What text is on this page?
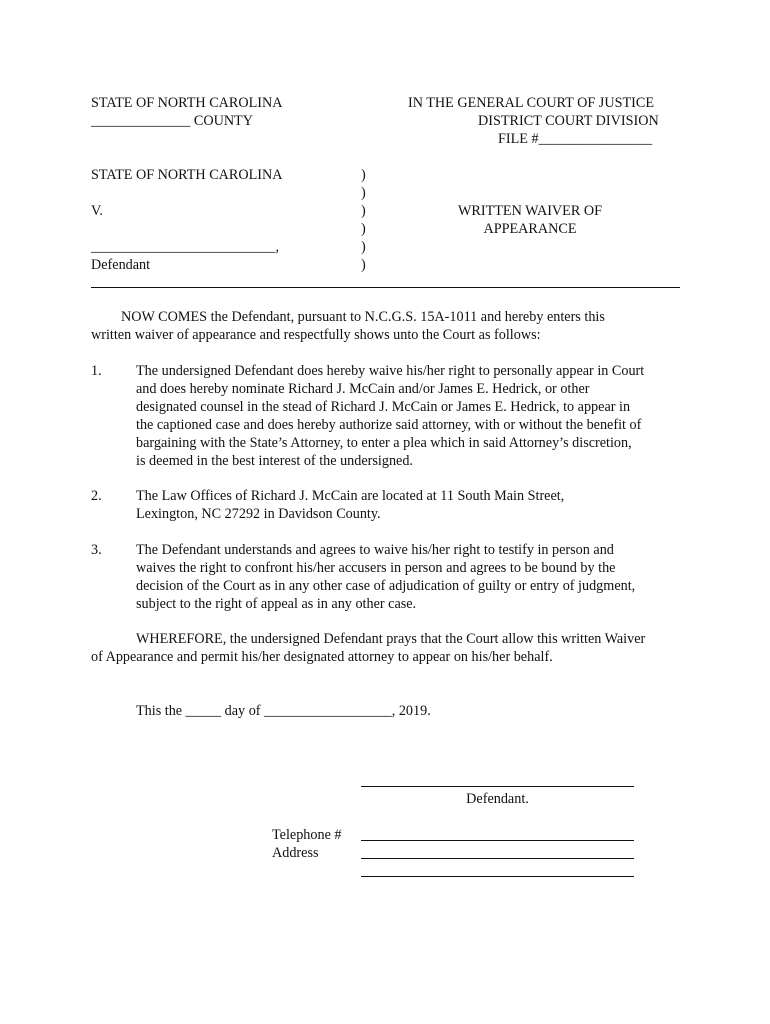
STATE OF NORTH CAROLINA
______________ COUNTY
IN THE GENERAL COURT OF JUSTICE
DISTRICT COURT DIVISION
FILE #________________
STATE OF NORTH CAROLINA
V.
__________________________,
Defendant
)
)
)
)
)
)
WRITTEN WAIVER OF
APPEARANCE
NOW COMES the Defendant, pursuant to N.C.G.S. 15A-1011 and hereby enters this
written waiver of appearance and respectfully shows unto the Court as follows:
1. The undersigned Defendant does hereby waive his/her right to personally appear in Court
and does hereby nominate Richard J. McCain and/or James E. Hedrick, or other
designated counsel in the stead of Richard J. McCain or James E. Hedrick, to appear in
the captioned case and does hereby authorize said attorney, with or without the benefit of
bargaining with the State’s Attorney, to enter a plea which in said Attorney’s discretion,
is deemed in the best interest of the undersigned.
2. The Law Offices of Richard J. McCain are located at 11 South Main Street,
Lexington, NC 27292 in Davidson County.
3. The Defendant understands and agrees to waive his/her right to testify in person and
waives the right to confront his/her accusers in person and agrees to be bound by the
decision of the Court as in any other case of adjudication of guilty or entry of judgment,
subject to the right of appeal as in any other case.
WHEREFORE, the undersigned Defendant prays that the Court allow this written Waiver
of Appearance and permit his/her designated attorney to appear on his/her behalf.
This the _____ day of __________________, 2019.
Defendant.
Telephone #
Address
